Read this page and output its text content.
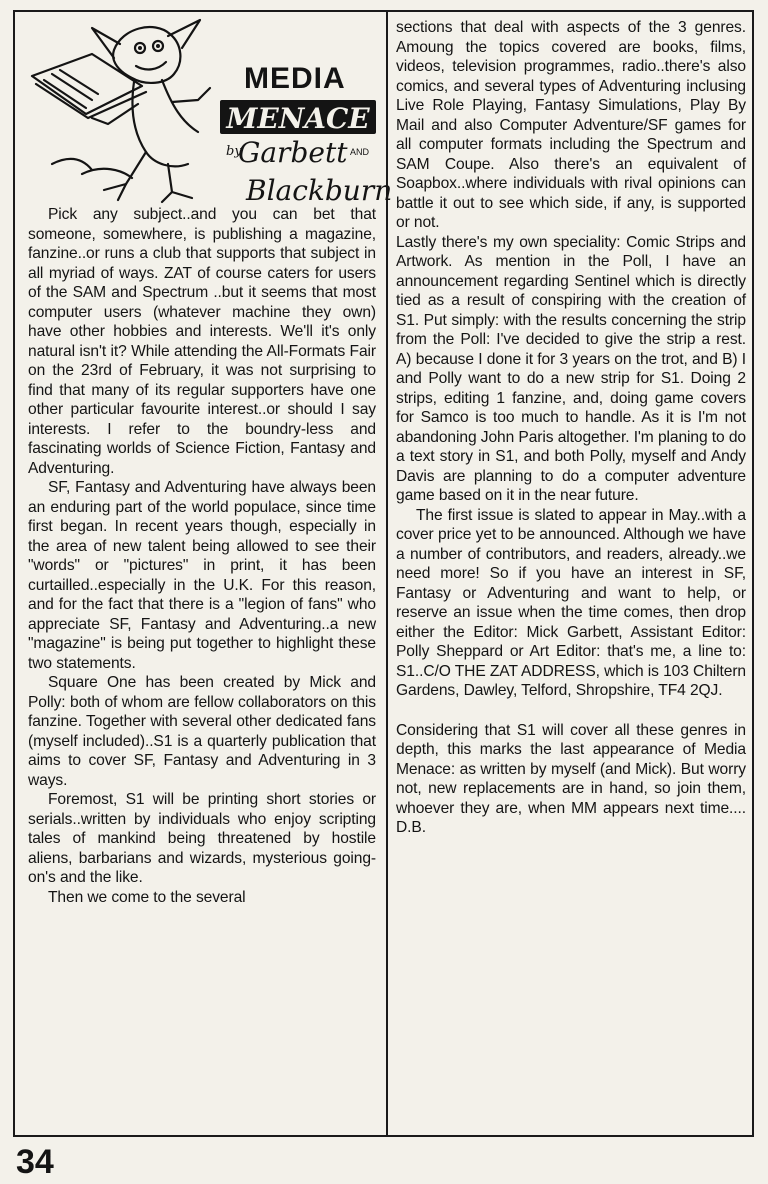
MEDIA
MENACE
by
Garbett AND
Blackburn

Pick any subject..and you can bet that someone, somewhere, is publishing a magazine, fanzine..or runs a club that supports that subject in all myriad of ways. ZAT of course caters for users of the SAM and Spectrum ..but it seems that most computer users (whatever machine they own) have other hobbies and interests. We'll it's only natural isn't it? While attending the All-Formats Fair on the 23rd of February, it was not surprising to find that many of its regular supporters have one other particular favourite interest..or should I say interests. I refer to the boundry-less and fascinating worlds of Science Fiction, Fantasy and Adventuring.

SF, Fantasy and Adventuring have always been an enduring part of the world populace, since time first began. In recent years though, especially in the area of new talent being allowed to see their "words" or "pictures" in print, it has been curtailled..especially in the U.K. For this reason, and for the fact that there is a "legion of fans" who appreciate SF, Fantasy and Adventuring..a new "magazine" is being put together to highlight these two statements.

Square One has been created by Mick and Polly: both of whom are fellow collaborators on this fanzine. Together with several other dedicated fans (myself included)..S1 is a quarterly publication that aims to cover SF, Fantasy and Adventuring in 3 ways.

Foremost, S1 will be printing short stories or serials..written by individuals who enjoy scripting tales of mankind being threatened by hostile aliens, barbarians and wizards, mysterious going-on's and the like.

Then we come to the several

sections that deal with aspects of the 3 genres. Amoung the topics covered are books, films, videos, television programmes, radio..there's also comics, and several types of Adventuring inclusing Live Role Playing, Fantasy Simulations, Play By Mail and also Computer Adventure/SF games for all computer formats including the Spectrum and SAM Coupe. Also there's an equivalent of Soapbox..where individuals with rival opinions can battle it out to see which side, if any, is supported or not.

Lastly there's my own speciality: Comic Strips and Artwork. As mention in the Poll, I have an announcement regarding Sentinel which is directly tied as a result of conspiring with the creation of S1. Put simply: with the results concerning the strip from the Poll: I've decided to give the strip a rest. A) because I done it for 3 years on the trot, and B) I and Polly want to do a new strip for S1. Doing 2 strips, editing 1 fanzine, and, doing game covers for Samco is too much to handle. As it is I'm not abandoning John Paris altogether. I'm planing to do a text story in S1, and both Polly, myself and Andy Davis are planning to do a computer adventure game based on it in the near future.

The first issue is slated to appear in May..with a cover price yet to be announced. Although we have a number of contributors, and readers, already..we need more! So if you have an interest in SF, Fantasy or Adventuring and want to help, or reserve an issue when the time comes, then drop either the Editor: Mick Garbett, Assistant Editor: Polly Sheppard or Art Editor: that's me, a line to: S1..C/O THE ZAT ADDRESS, which is 103 Chiltern Gardens, Dawley, Telford, Shropshire, TF4 2QJ.

Considering that S1 will cover all these genres in depth, this marks the last appearance of Media Menace: as written by myself (and Mick). But worry not, new replacements are in hand, so join them, whoever they are, when MM appears next time.... D.B.

34
